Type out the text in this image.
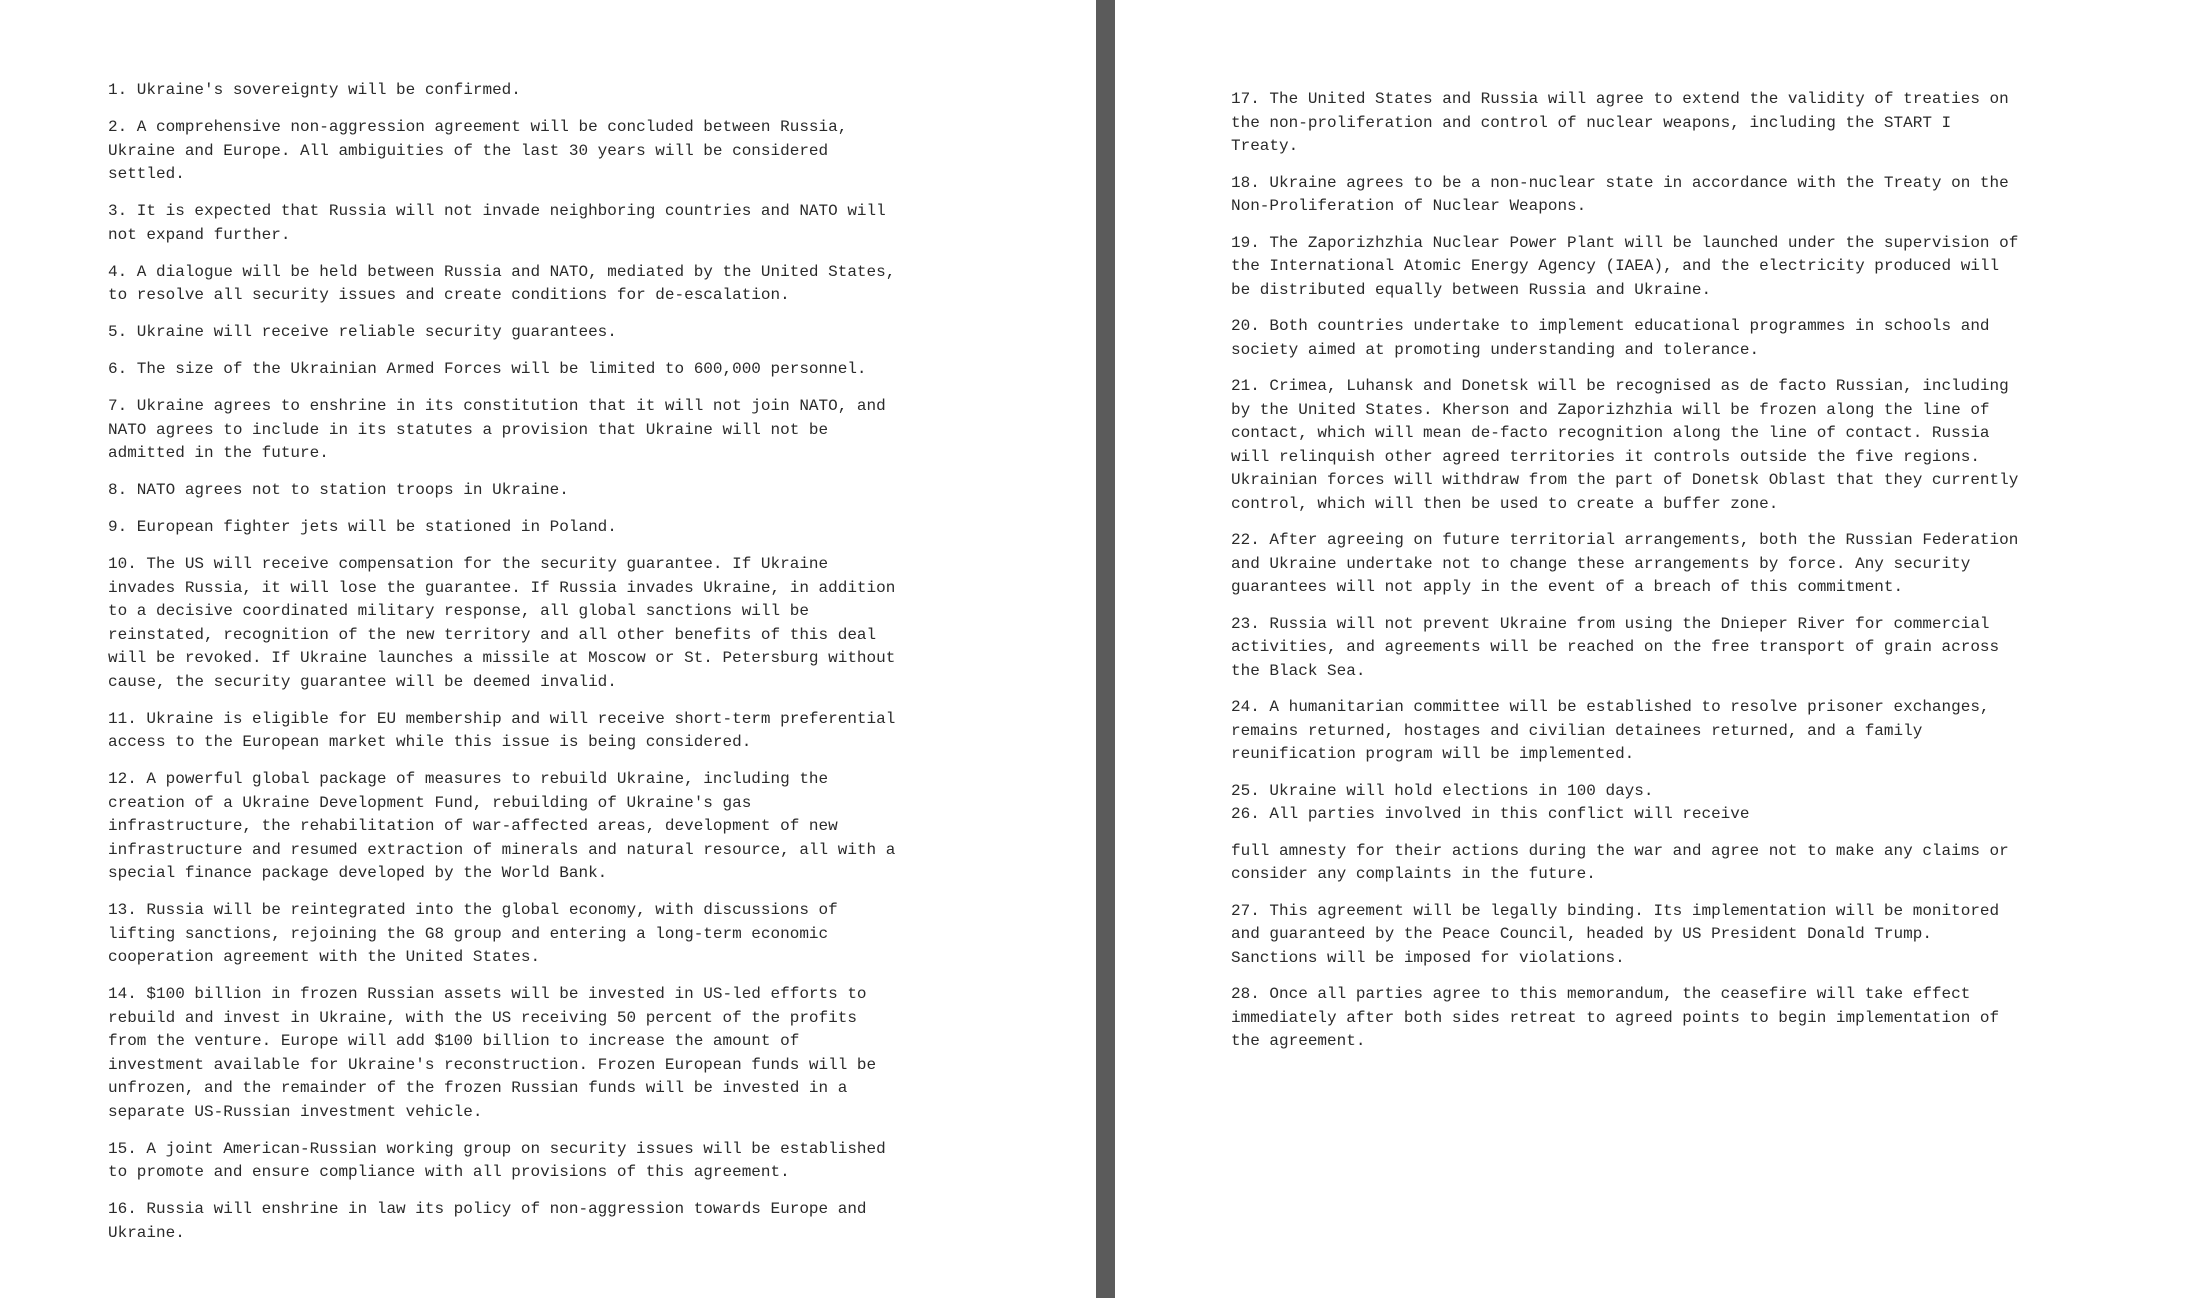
1. Ukraine's sovereignty will be confirmed.

2. A comprehensive non-aggression agreement will be concluded between Russia,
Ukraine and Europe. All ambiguities of the last 30 years will be considered
settled.

3. It is expected that Russia will not invade neighboring countries and NATO will
not expand further.

4. A dialogue will be held between Russia and NATO, mediated by the United States,
to resolve all security issues and create conditions for de-escalation.

5. Ukraine will receive reliable security guarantees.

6. The size of the Ukrainian Armed Forces will be limited to 600,000 personnel.

7. Ukraine agrees to enshrine in its constitution that it will not join NATO, and
NATO agrees to include in its statutes a provision that Ukraine will not be
admitted in the future.

8. NATO agrees not to station troops in Ukraine.

9. European fighter jets will be stationed in Poland.

10. The US will receive compensation for the security guarantee. If Ukraine
invades Russia, it will lose the guarantee. If Russia invades Ukraine, in addition
to a decisive coordinated military response, all global sanctions will be
reinstated, recognition of the new territory and all other benefits of this deal
will be revoked. If Ukraine launches a missile at Moscow or St. Petersburg without
cause, the security guarantee will be deemed invalid.

11. Ukraine is eligible for EU membership and will receive short-term preferential
access to the European market while this issue is being considered.

12. A powerful global package of measures to rebuild Ukraine, including the
creation of a Ukraine Development Fund, rebuilding of Ukraine's gas
infrastructure, the rehabilitation of war-affected areas, development of new
infrastructure and resumed extraction of minerals and natural resource, all with a
special finance package developed by the World Bank.

13. Russia will be reintegrated into the global economy, with discussions of
lifting sanctions, rejoining the G8 group and entering a long-term economic
cooperation agreement with the United States.

14. $100 billion in frozen Russian assets will be invested in US-led efforts to
rebuild and invest in Ukraine, with the US receiving 50 percent of the profits
from the venture. Europe will add $100 billion to increase the amount of
investment available for Ukraine's reconstruction. Frozen European funds will be
unfrozen, and the remainder of the frozen Russian funds will be invested in a
separate US-Russian investment vehicle.

15. A joint American-Russian working group on security issues will be established
to promote and ensure compliance with all provisions of this agreement.

16. Russia will enshrine in law its policy of non-aggression towards Europe and
Ukraine.

17. The United States and Russia will agree to extend the validity of treaties on
the non-proliferation and control of nuclear weapons, including the START I
Treaty.

18. Ukraine agrees to be a non-nuclear state in accordance with the Treaty on the
Non-Proliferation of Nuclear Weapons.

19. The Zaporizhzhia Nuclear Power Plant will be launched under the supervision of
the International Atomic Energy Agency (IAEA), and the electricity produced will
be distributed equally between Russia and Ukraine.

20. Both countries undertake to implement educational programmes in schools and
society aimed at promoting understanding and tolerance.

21. Crimea, Luhansk and Donetsk will be recognised as de facto Russian, including
by the United States. Kherson and Zaporizhzhia will be frozen along the line of
contact, which will mean de-facto recognition along the line of contact. Russia
will relinquish other agreed territories it controls outside the five regions.
Ukrainian forces will withdraw from the part of Donetsk Oblast that they currently
control, which will then be used to create a buffer zone.

22. After agreeing on future territorial arrangements, both the Russian Federation
and Ukraine undertake not to change these arrangements by force. Any security
guarantees will not apply in the event of a breach of this commitment.

23. Russia will not prevent Ukraine from using the Dnieper River for commercial
activities, and agreements will be reached on the free transport of grain across
the Black Sea.

24. A humanitarian committee will be established to resolve prisoner exchanges,
remains returned, hostages and civilian detainees returned, and a family
reunification program will be implemented.

25. Ukraine will hold elections in 100 days.

26. All parties involved in this conflict will receive

full amnesty for their actions during the war and agree not to make any claims or
consider any complaints in the future.

27. This agreement will be legally binding. Its implementation will be monitored
and guaranteed by the Peace Council, headed by US President Donald Trump.
Sanctions will be imposed for violations.

28. Once all parties agree to this memorandum, the ceasefire will take effect
immediately after both sides retreat to agreed points to begin implementation of
the agreement.
